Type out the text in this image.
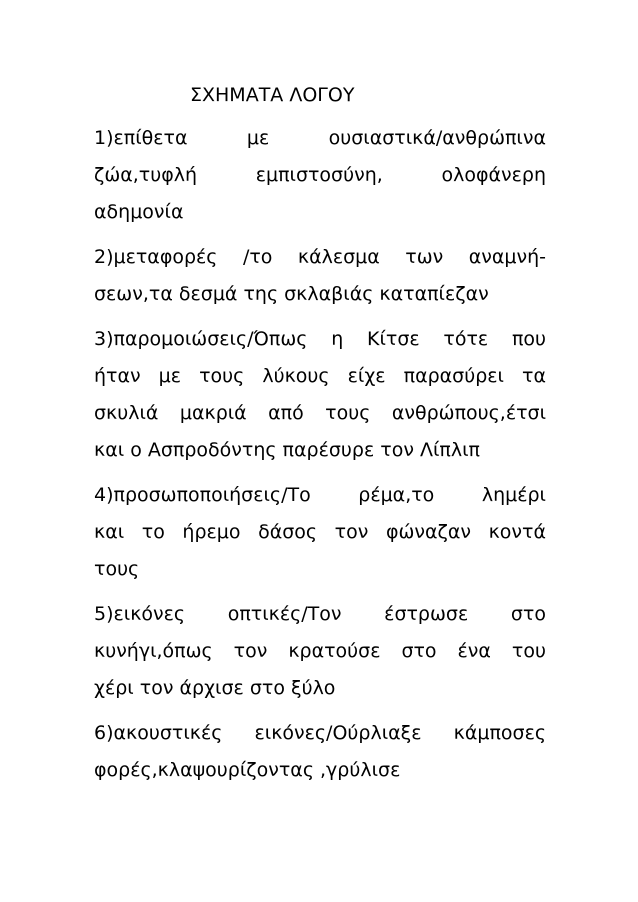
ΣΧΗΜΑΤΑ ΛΟΓΟΥ
1)επίθετα με ουσιαστικά/ανθρώπινα
ζώα,τυφλή εμπιστοσύνη, ολοφάνερη
αδημονία
2)μεταφορές /το κάλεσμα των αναμνή-
σεων,τα δεσμά της σκλαβιάς καταπίεζαν
3)παρομοιώσεις/Όπως η Κίτσε τότε που
ήταν με τους λύκους είχε παρασύρει τα
σκυλιά μακριά από τους ανθρώπους,έτσι
και ο Ασπροδόντης παρέσυρε τον Λίπλιπ
4)προσωποποιήσεις/Το ρέμα,το λημέρι
και το ήρεμο δάσος τον φώναζαν κοντά
τους
5)εικόνες οπτικές/Τον έστρωσε στο
κυνήγι,όπως τον κρατούσε στο ένα του
χέρι τον άρχισε στο ξύλο
6)ακουστικές εικόνες/Ούρλιαξε κάμποσες
φορές,κλαψουρίζοντας ,γρύλισε
